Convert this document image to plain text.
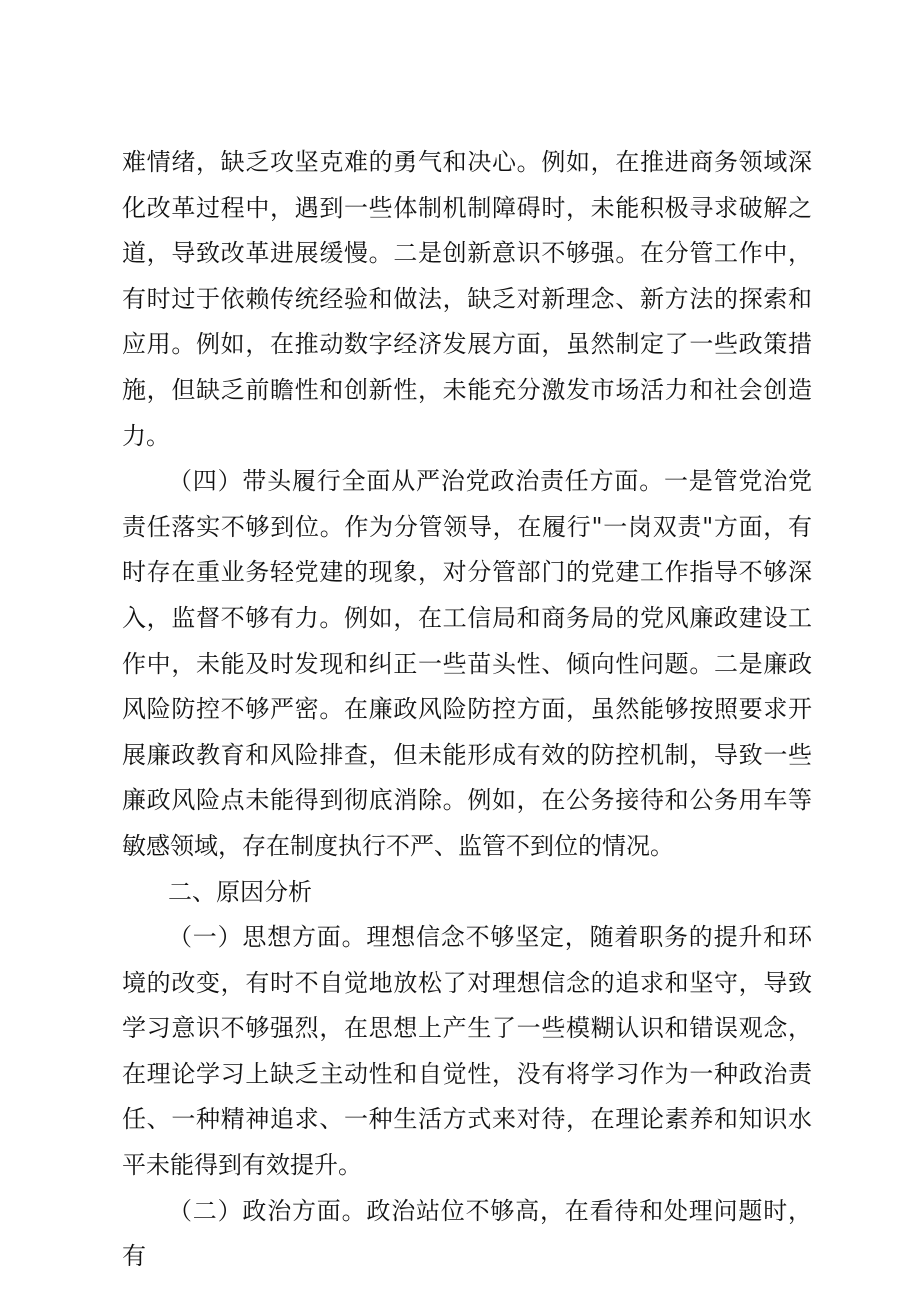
难情绪，缺乏攻坚克难的勇气和决心。例如，在推进商务领域深化改革过程中，遇到一些体制机制障碍时，未能积极寻求破解之道，导致改革进展缓慢。二是创新意识不够强。在分管工作中，有时过于依赖传统经验和做法，缺乏对新理念、新方法的探索和应用。例如，在推动数字经济发展方面，虽然制定了一些政策措施，但缺乏前瞻性和创新性，未能充分激发市场活力和社会创造力。

（四）带头履行全面从严治党政治责任方面。一是管党治党责任落实不够到位。作为分管领导，在履行"一岗双责"方面，有时存在重业务轻党建的现象，对分管部门的党建工作指导不够深入，监督不够有力。例如，在工信局和商务局的党风廉政建设工作中，未能及时发现和纠正一些苗头性、倾向性问题。二是廉政风险防控不够严密。在廉政风险防控方面，虽然能够按照要求开展廉政教育和风险排查，但未能形成有效的防控机制，导致一些廉政风险点未能得到彻底消除。例如，在公务接待和公务用车等敏感领域，存在制度执行不严、监管不到位的情况。

二、原因分析

（一）思想方面。理想信念不够坚定，随着职务的提升和环境的改变，有时不自觉地放松了对理想信念的追求和坚守，导致学习意识不够强烈，在思想上产生了一些模糊认识和错误观念，在理论学习上缺乏主动性和自觉性，没有将学习作为一种政治责任、一种精神追求、一种生活方式来对待，在理论素养和知识水平未能得到有效提升。

（二）政治方面。政治站位不够高，在看待和处理问题时，有
